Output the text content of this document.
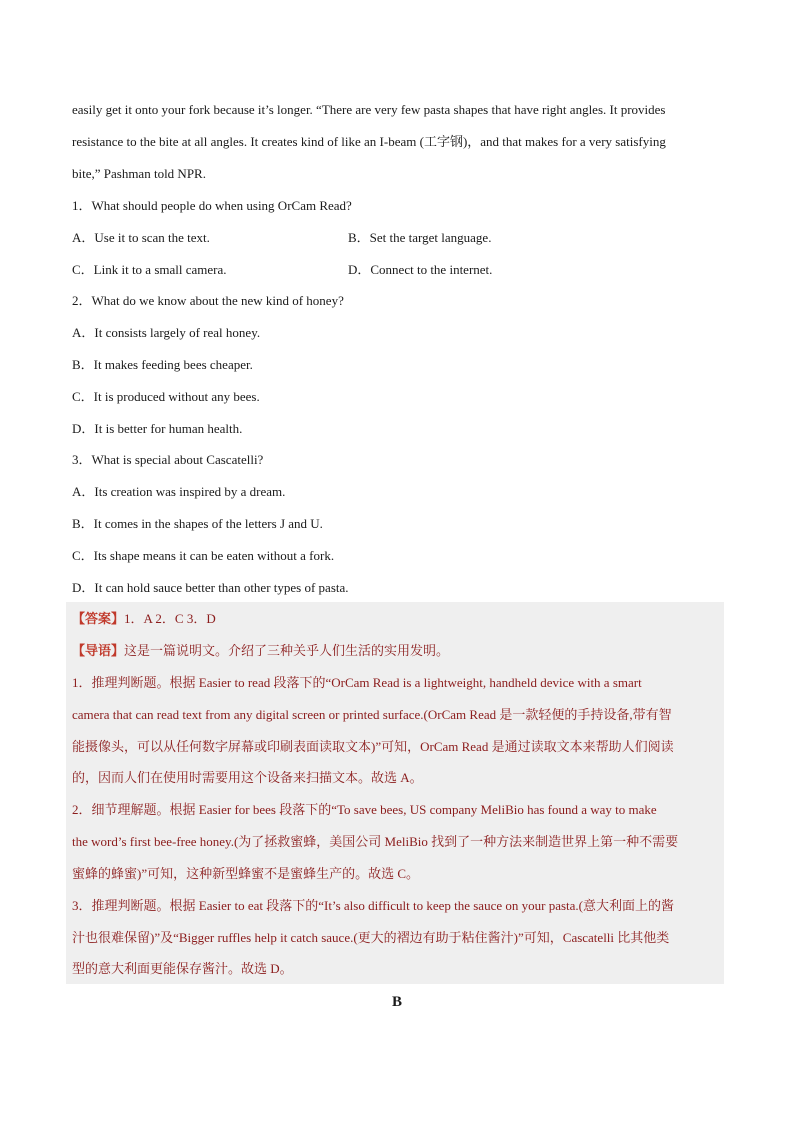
easily get it onto your fork because it’s longer. “There are very few pasta shapes that have right angles. It provides
resistance to the bite at all angles. It creates kind of like an I-beam (工字钢)，and that makes for a very satisfying
bite,” Pashman told NPR.
1．What should people do when using OrCam Read?
A．Use it to scan the text.	B．Set the target language.
C．Link it to a small camera.	D．Connect to the internet.
2．What do we know about the new kind of honey?
A．It consists largely of real honey.
B．It makes feeding bees cheaper.
C．It is produced without any bees.
D．It is better for human health.
3．What is special about Cascatelli?
A．Its creation was inspired by a dream.
B．It comes in the shapes of the letters J and U.
C．Its shape means it can be eaten without a fork.
D．It can hold sauce better than other types of pasta.
【答案】1．A 2．C 3．D
【导语】这是一篇说明文。介绍了三种关乎人们生活的实用发明。
1．推理判断题。根据 Easier to read 段落下的“OrCam Read is a lightweight, handheld device with a smart
camera that can read text from any digital screen or printed surface.(OrCam Read 是一款轻便的手持设备,带有智
能摄像头，可以从任何数字屏幕或印刷表面读取文本)”可知，OrCam Read 是通过读取文本来帮助人们阅读
的，因而人们在使用时需要用这个设备来扫描文本。故选 A。
2．细节理解题。根据 Easier for bees 段落下的“To save bees, US company MeliBio has found a way to make
the word’s first bee-free honey.(为了拯救蜜蜂，美国公司 MeliBio 找到了一种方法来制造世界上第一种不需要
蜜蜂的蜂蜜)”可知，这种新型蜂蜜不是蜜蜂生产的。故选 C。
3．推理判断题。根据 Easier to eat 段落下的“It’s also difficult to keep the sauce on your pasta.(意大利面上的酱
汁也很难保留)”及“Bigger ruffles help it catch sauce.(更大的褶边有助于粘住酱汁)”可知，Cascatelli 比其他类
型的意大利面更能保存酱汁。故选 D。
B
